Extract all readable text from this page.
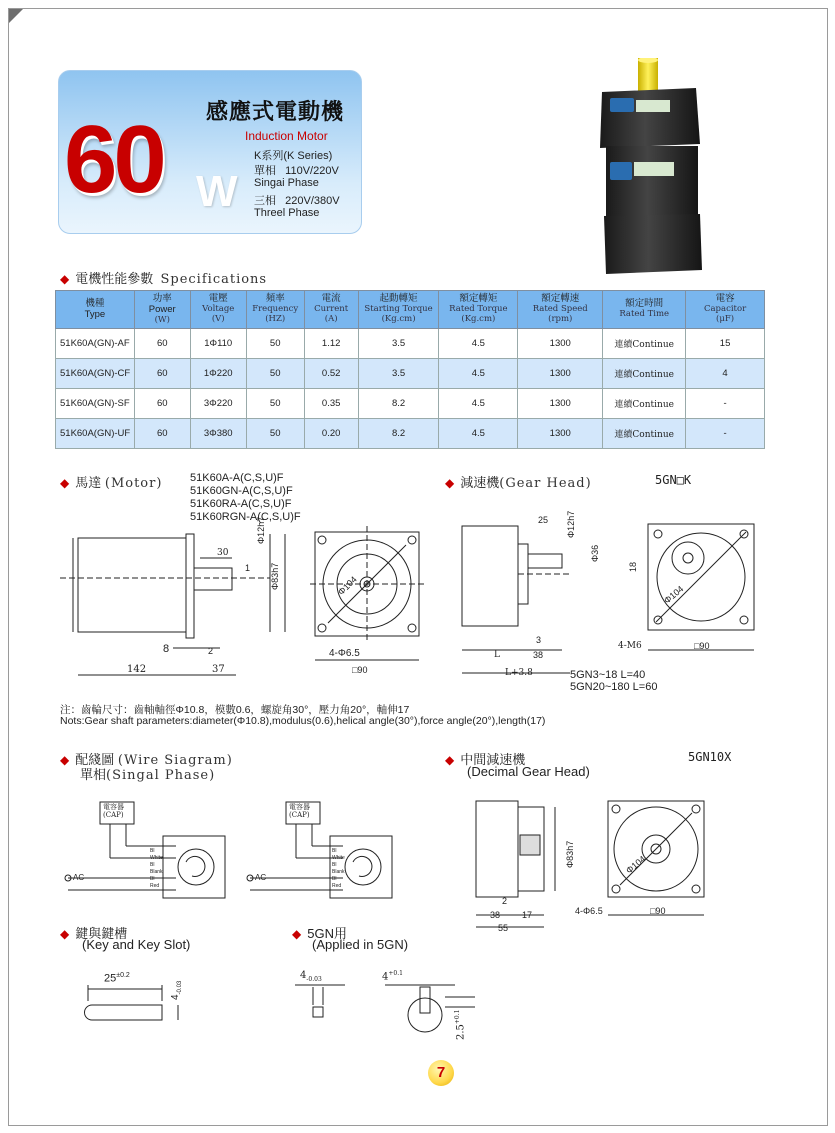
60 W
感應式電動機
Induction Motor
K系列(K Series)
單相 110V/220V
Singai Phase
三相 220V/380V
Threel Phase
◆ 電機性能參數 Specifications
機種
Type	功率
Power
(W)	電壓

Voltage
(V)	頻率

Frequency
(HZ)	電流

Current
(A)	起動轉矩

Starting Torque
(Kg.cm)	額定轉矩

Rated Torque
(Kg.cm)	額定轉速

Rated Speed
(rpm)	額定時間

Rated Time	電容

Capacitor
(μF)

51K60A(GN)-AF	60	1Φ110	50	1.12	3.5	4.5	1300	連續Continue	15
51K60A(GN)-CF	60	1Φ220	50	0.52	3.5	4.5	1300	連續Continue	4
51K60A(GN)-SF	60	3Φ220	50	0.35	8.2	4.5	1300	連續Continue	-
51K60A(GN)-UF	60	3Φ380	50	0.20	8.2	4.5	1300	連續Continue	-
◆ 馬達 (Motor)	51K60A-A(C,S,U)F
51K60GN-A(C,S,U)F
51K60RA-A(C,S,U)F
51K60RGN-A(C,S,U)F
30
1
Φ12h7
Φ83h7
8	2
142	37
Φ104
4-Φ6.5
□90
◆ 減速機(Gear Head)	5GN□K
25 Φ12h7
Φ36
3
L	38
L+3.8
18
Φ104
4-M6	□90
5GN3~18 L=40
5GN20~180 L=60
注：齒輪尺寸：齒軸軸徑Φ10.8，模數0.6，螺旋角30°，壓力角20°，軸伸17
Nots:Gear shaft parameters:diameter(Φ10.8),modulus(0.6),helical angle(30°),force angle(20°),length(17)
◆ 配綫圖 (Wire Siagram)
單相(Singal Phase)
電容器
(CAP)
電容器
(CAP)
AC	AC
Bl
White
Bl
Blank
Bl
Red
Bl
White
Bl
Blank
Bl
Red
◆ 中間減速機
(Decimal Gear Head)
5GN10X
Φ83h7
2
38 17
55
Φ104
4-Φ6.5	□90
◆ 鍵與鍵槽
(Key and Key Slot)
$25^{\pm 0.2}$
$4_{-0.03}$
◆ 5GN用
(Applied in 5GN)
$4_{-0.03}$	$4^{+0.1}$
$2.5^{+0.1}$
7
